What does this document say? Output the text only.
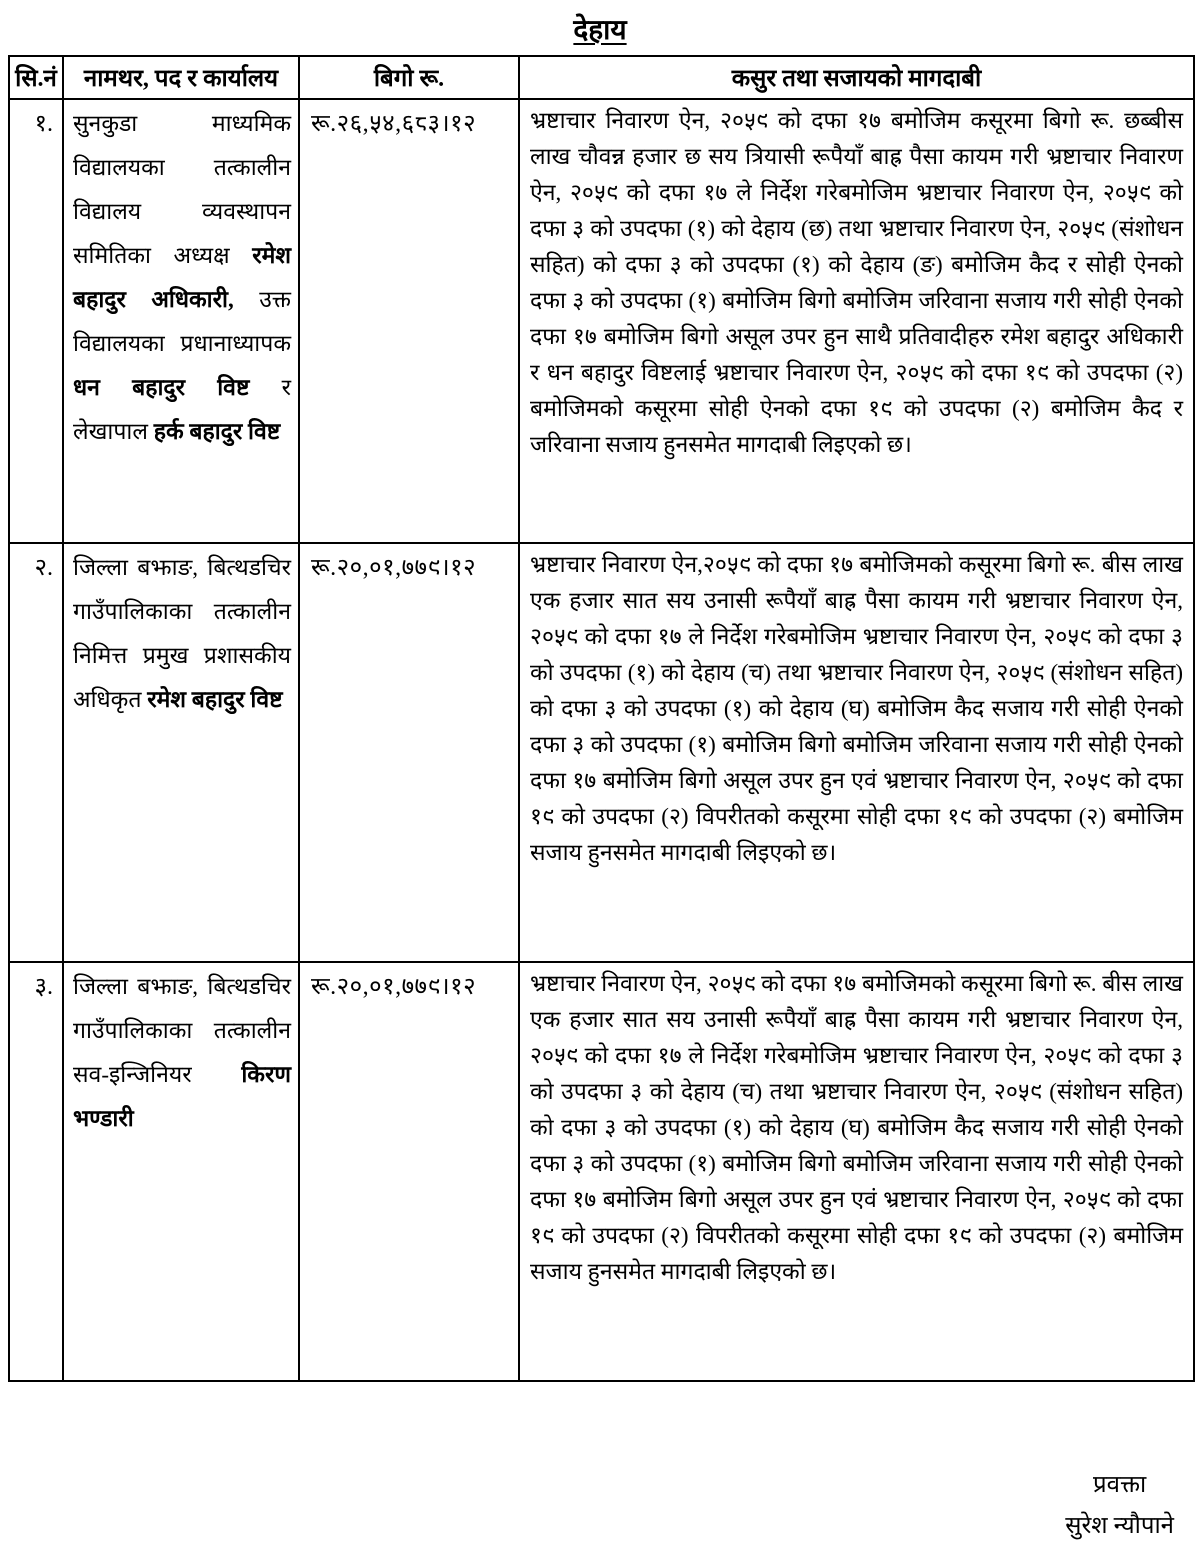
देहाय
सि.नं	नामथर, पद र कार्यालय	बिगो रू.	कसुर तथा सजायको मागदाबी
१.	सुनकुडा माध्यमिक विद्यालयका तत्कालीन विद्यालय व्यवस्थापन समितिका अध्यक्ष रमेश बहादुर अधिकारी, उक्त विद्यालयका प्रधानाध्यापक धन बहादुर विष्ट र लेखापाल हर्क बहादुर विष्ट	रू.२६,५४,६८३।१२	भ्रष्टाचार निवारण ऐन, २०५९ को दफा १७ बमोजिम कसूरमा बिगो रू. छब्बीस लाख चौवन्न हजार छ सय त्रियासी रूपैयाँ बाह्र पैसा कायम गरी भ्रष्टाचार निवारण ऐन, २०५९ को दफा १७ ले निर्देश गरेबमोजिम भ्रष्टाचार निवारण ऐन, २०५९ को दफा ३ को उपदफा (१) को देहाय (छ) तथा भ्रष्टाचार निवारण ऐन, २०५९ (संशोधन सहित) को दफा ३ को उपदफा (१) को देहाय (ङ) बमोजिम कैद र सोही ऐनको दफा ३ को उपदफा (१) बमोजिम बिगो बमोजिम जरिवाना सजाय गरी सोही ऐनको दफा १७ बमोजिम बिगो असूल उपर हुन साथै प्रतिवादीहरु रमेश बहादुर अधिकारी र धन बहादुर विष्टलाई भ्रष्टाचार निवारण ऐन, २०५९ को दफा १९ को उपदफा (२) बमोजिमको कसूरमा सोही ऐनको दफा १९ को उपदफा (२) बमोजिम कैद र जरिवाना सजाय हुनसमेत मागदाबी लिइएको छ।
२.	जिल्ला बझाङ, बित्थडचिर गाउँपालिकाका तत्कालीन निमित्त प्रमुख प्रशासकीय अधिकृत रमेश बहादुर विष्ट	रू.२०,०१,७७९।१२	भ्रष्टाचार निवारण ऐन,२०५९ को दफा १७ बमोजिमको कसूरमा बिगो रू. बीस लाख एक हजार सात सय उनासी रूपैयाँ बाह्र पैसा कायम गरी भ्रष्टाचार निवारण ऐन, २०५९ को दफा १७ ले निर्देश गरेबमोजिम भ्रष्टाचार निवारण ऐन, २०५९ को दफा ३ को उपदफा (१) को देहाय (च) तथा भ्रष्टाचार निवारण ऐन, २०५९ (संशोधन सहित) को दफा ३ को उपदफा (१) को देहाय (घ) बमोजिम कैद सजाय गरी सोही ऐनको दफा ३ को उपदफा (१) बमोजिम बिगो बमोजिम जरिवाना सजाय गरी सोही ऐनको दफा १७ बमोजिम बिगो असूल उपर हुन एवं भ्रष्टाचार निवारण ऐन, २०५९ को दफा १९ को उपदफा (२) विपरीतको कसूरमा सोही दफा १९ को उपदफा (२) बमोजिम सजाय हुनसमेत मागदाबी लिइएको छ।
३.	जिल्ला बझाङ, बित्थडचिर गाउँपालिकाका तत्कालीन सव-इन्जिनियर किरण भण्डारी	रू.२०,०१,७७९।१२	भ्रष्टाचार निवारण ऐन, २०५९ को दफा १७ बमोजिमको कसूरमा बिगो रू. बीस लाख एक हजार सात सय उनासी रूपैयाँ बाह्र पैसा कायम गरी भ्रष्टाचार निवारण ऐन, २०५९ को दफा १७ ले निर्देश गरेबमोजिम भ्रष्टाचार निवारण ऐन, २०५९ को दफा ३ को उपदफा ३ को देहाय (च) तथा भ्रष्टाचार निवारण ऐन, २०५९ (संशोधन सहित) को दफा ३ को उपदफा (१) को देहाय (घ) बमोजिम कैद सजाय गरी सोही ऐनको दफा ३ को उपदफा (१) बमोजिम बिगो बमोजिम जरिवाना सजाय गरी सोही ऐनको दफा १७ बमोजिम बिगो असूल उपर हुन एवं भ्रष्टाचार निवारण ऐन, २०५९ को दफा १९ को उपदफा (२) विपरीतको कसूरमा सोही दफा १९ को उपदफा (२) बमोजिम सजाय हुनसमेत मागदाबी लिइएको छ।
प्रवक्ता
सुरेश न्यौपाने
